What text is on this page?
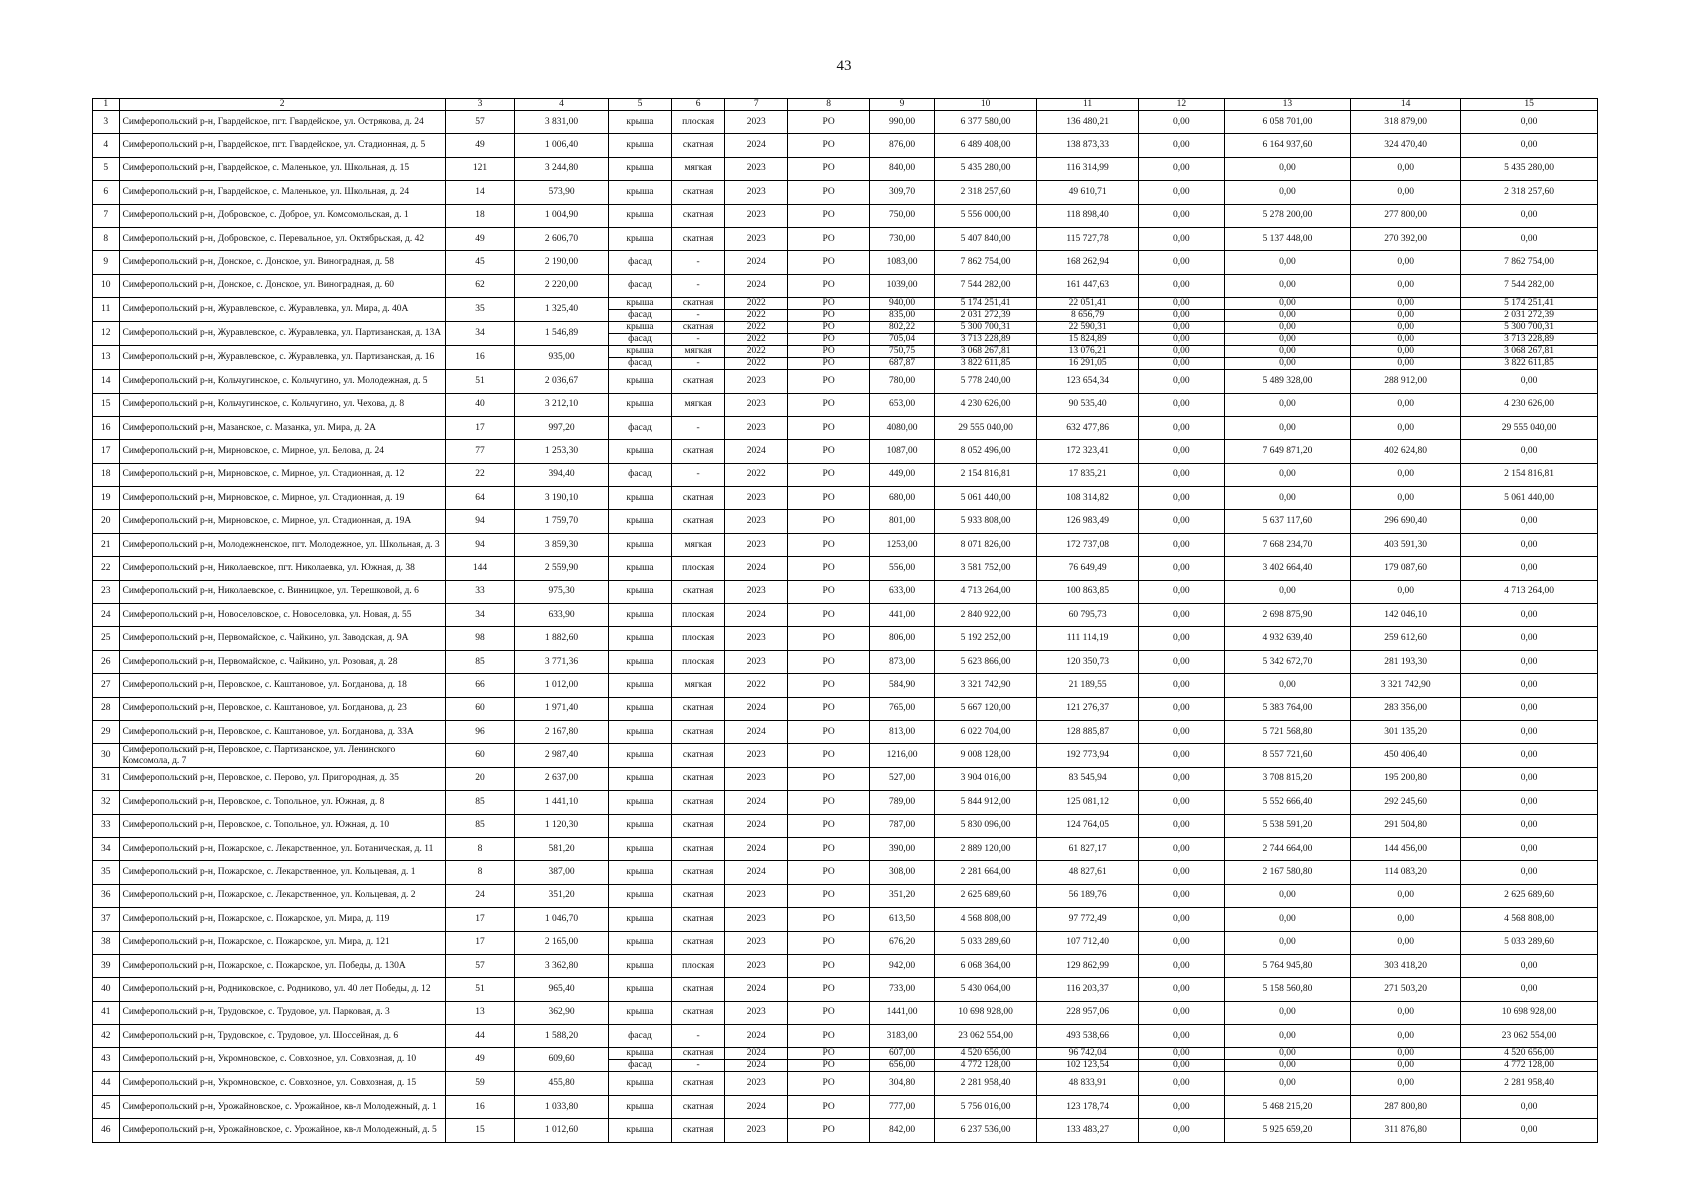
43
1	2	3	4	5	6	7	8	9	10	11	12	13	14	15
3	Симферопольский р-н, Гвардейское, пгт. Гвардейское, ул. Острякова, д. 24	57	3 831,00	крыша	плоская	2023	РО	990,00	6 377 580,00	136 480,21	0,00	6 058 701,00	318 879,00	0,00
4	Симферопольский р-н, Гвардейское, пгт. Гвардейское, ул. Стадионная, д. 5	49	1 006,40	крыша	скатная	2024	РО	876,00	6 489 408,00	138 873,33	0,00	6 164 937,60	324 470,40	0,00
5	Симферопольский р-н, Гвардейское, с. Маленькое, ул. Школьная, д. 15	121	3 244,80	крыша	мягкая	2023	РО	840,00	5 435 280,00	116 314,99	0,00	0,00	0,00	5 435 280,00
6	Симферопольский р-н, Гвардейское, с. Маленькое, ул. Школьная, д. 24	14	573,90	крыша	скатная	2023	РО	309,70	2 318 257,60	49 610,71	0,00	0,00	0,00	2 318 257,60
7	Симферопольский р-н, Добровское, с. Доброе, ул. Комсомольская, д. 1	18	1 004,90	крыша	скатная	2023	РО	750,00	5 556 000,00	118 898,40	0,00	5 278 200,00	277 800,00	0,00
8	Симферопольский р-н, Добровское, с. Перевальное, ул. Октябрьская, д. 42	49	2 606,70	крыша	скатная	2023	РО	730,00	5 407 840,00	115 727,78	0,00	5 137 448,00	270 392,00	0,00
9	Симферопольский р-н, Донское, с. Донское, ул. Виноградная, д. 58	45	2 190,00	фасад	-	2024	РО	1083,00	7 862 754,00	168 262,94	0,00	0,00	0,00	7 862 754,00
10	Симферопольский р-н, Донское, с. Донское, ул. Виноградная, д. 60	62	2 220,00	фасад	-	2024	РО	1039,00	7 544 282,00	161 447,63	0,00	0,00	0,00	7 544 282,00
11	Симферопольский р-н, Журавлевское, с. Журавлевка, ул. Мира, д. 40А	35	1 325,40	крыша	скатная	2022	РО	940,00	5 174 251,41	22 051,41	0,00	0,00	0,00	5 174 251,41
				фасад	-	2022	РО	835,00	2 031 272,39	8 656,79	0,00	0,00	0,00	2 031 272,39
12	Симферопольский р-н, Журавлевское, с. Журавлевка, ул. Партизанская, д. 13А	34	1 546,89	крыша	скатная	2022	РО	802,22	5 300 700,31	22 590,31	0,00	0,00	0,00	5 300 700,31
				фасад	-	2022	РО	705,04	3 713 228,89	15 824,89	0,00	0,00	0,00	3 713 228,89
13	Симферопольский р-н, Журавлевское, с. Журавлевка, ул. Партизанская, д. 16	16	935,00	крыша	мягкая	2022	РО	750,75	3 068 267,81	13 076,21	0,00	0,00	0,00	3 068 267,81
				фасад	-	2022	РО	687,87	3 822 611,85	16 291,05	0,00	0,00	0,00	3 822 611,85
14	Симферопольский р-н, Кольчугинское, с. Кольчугино, ул. Молодежная, д. 5	51	2 036,67	крыша	скатная	2023	РО	780,00	5 778 240,00	123 654,34	0,00	5 489 328,00	288 912,00	0,00
15	Симферопольский р-н, Кольчугинское, с. Кольчугино, ул. Чехова, д. 8	40	3 212,10	крыша	мягкая	2023	РО	653,00	4 230 626,00	90 535,40	0,00	0,00	0,00	4 230 626,00
16	Симферопольский р-н, Мазанское, с. Мазанка, ул. Мира, д. 2А	17	997,20	фасад	-	2023	РО	4080,00	29 555 040,00	632 477,86	0,00	0,00	0,00	29 555 040,00
17	Симферопольский р-н, Мирновское, с. Мирное, ул. Белова, д. 24	77	1 253,30	крыша	скатная	2024	РО	1087,00	8 052 496,00	172 323,41	0,00	7 649 871,20	402 624,80	0,00
18	Симферопольский р-н, Мирновское, с. Мирное, ул. Стадионная, д. 12	22	394,40	фасад	-	2022	РО	449,00	2 154 816,81	17 835,21	0,00	0,00	0,00	2 154 816,81
19	Симферопольский р-н, Мирновское, с. Мирное, ул. Стадионная, д. 19	64	3 190,10	крыша	скатная	2023	РО	680,00	5 061 440,00	108 314,82	0,00	0,00	0,00	5 061 440,00
20	Симферопольский р-н, Мирновское, с. Мирное, ул. Стадионная, д. 19А	94	1 759,70	крыша	скатная	2023	РО	801,00	5 933 808,00	126 983,49	0,00	5 637 117,60	296 690,40	0,00
21	Симферопольский р-н, Молодежненское, пгт. Молодежное, ул. Школьная, д. 3	94	3 859,30	крыша	мягкая	2023	РО	1253,00	8 071 826,00	172 737,08	0,00	7 668 234,70	403 591,30	0,00
22	Симферопольский р-н, Николаевское, пгт. Николаевка, ул. Южная, д. 38	144	2 559,90	крыша	плоская	2024	РО	556,00	3 581 752,00	76 649,49	0,00	3 402 664,40	179 087,60	0,00
23	Симферопольский р-н, Николаевское, с. Винницкое, ул. Терешковой, д. 6	33	975,30	крыша	скатная	2023	РО	633,00	4 713 264,00	100 863,85	0,00	0,00	0,00	4 713 264,00
24	Симферопольский р-н, Новоселовское, с. Новоселовка, ул. Новая, д. 55	34	633,90	крыша	плоская	2024	РО	441,00	2 840 922,00	60 795,73	0,00	2 698 875,90	142 046,10	0,00
25	Симферопольский р-н, Первомайское, с. Чайкино, ул. Заводская, д. 9А	98	1 882,60	крыша	плоская	2023	РО	806,00	5 192 252,00	111 114,19	0,00	4 932 639,40	259 612,60	0,00
26	Симферопольский р-н, Первомайское, с. Чайкино, ул. Розовая, д. 28	85	3 771,36	крыша	плоская	2023	РО	873,00	5 623 866,00	120 350,73	0,00	5 342 672,70	281 193,30	0,00
27	Симферопольский р-н, Перовское, с. Каштановое, ул. Богданова, д. 18	66	1 012,00	крыша	мягкая	2022	РО	584,90	3 321 742,90	21 189,55	0,00	0,00	3 321 742,90	0,00
28	Симферопольский р-н, Перовское, с. Каштановое, ул. Богданова, д. 23	60	1 971,40	крыша	скатная	2024	РО	765,00	5 667 120,00	121 276,37	0,00	5 383 764,00	283 356,00	0,00
29	Симферопольский р-н, Перовское, с. Каштановое, ул. Богданова, д. 33А	96	2 167,80	крыша	скатная	2024	РО	813,00	6 022 704,00	128 885,87	0,00	5 721 568,80	301 135,20	0,00
30	Симферопольский р-н, Перовское, с. Партизанское, ул. Ленинского Комсомола, д. 7	60	2 987,40	крыша	скатная	2023	РО	1216,00	9 008 128,00	192 773,94	0,00	8 557 721,60	450 406,40	0,00
31	Симферопольский р-н, Перовское, с. Перово, ул. Пригородная, д. 35	20	2 637,00	крыша	скатная	2023	РО	527,00	3 904 016,00	83 545,94	0,00	3 708 815,20	195 200,80	0,00
32	Симферопольский р-н, Перовское, с. Топольное, ул. Южная, д. 8	85	1 441,10	крыша	скатная	2024	РО	789,00	5 844 912,00	125 081,12	0,00	5 552 666,40	292 245,60	0,00
33	Симферопольский р-н, Перовское, с. Топольное, ул. Южная, д. 10	85	1 120,30	крыша	скатная	2024	РО	787,00	5 830 096,00	124 764,05	0,00	5 538 591,20	291 504,80	0,00
34	Симферопольский р-н, Пожарское, с. Лекарственное, ул. Ботаническая, д. 11	8	581,20	крыша	скатная	2024	РО	390,00	2 889 120,00	61 827,17	0,00	2 744 664,00	144 456,00	0,00
35	Симферопольский р-н, Пожарское, с. Лекарственное, ул. Кольцевая, д. 1	8	387,00	крыша	скатная	2024	РО	308,00	2 281 664,00	48 827,61	0,00	2 167 580,80	114 083,20	0,00
36	Симферопольский р-н, Пожарское, с. Лекарственное, ул. Кольцевая, д. 2	24	351,20	крыша	скатная	2023	РО	351,20	2 625 689,60	56 189,76	0,00	0,00	0,00	2 625 689,60
37	Симферопольский р-н, Пожарское, с. Пожарское, ул. Мира, д. 119	17	1 046,70	крыша	скатная	2023	РО	613,50	4 568 808,00	97 772,49	0,00	0,00	0,00	4 568 808,00
38	Симферопольский р-н, Пожарское, с. Пожарское, ул. Мира, д. 121	17	2 165,00	крыша	скатная	2023	РО	676,20	5 033 289,60	107 712,40	0,00	0,00	0,00	5 033 289,60
39	Симферопольский р-н, Пожарское, с. Пожарское, ул. Победы, д. 130А	57	3 362,80	крыша	плоская	2023	РО	942,00	6 068 364,00	129 862,99	0,00	5 764 945,80	303 418,20	0,00
40	Симферопольский р-н, Родниковское, с. Родниково, ул. 40 лет Победы, д. 12	51	965,40	крыша	скатная	2024	РО	733,00	5 430 064,00	116 203,37	0,00	5 158 560,80	271 503,20	0,00
41	Симферопольский р-н, Трудовское, с. Трудовое, ул. Парковая, д. 3	13	362,90	крыша	скатная	2023	РО	1441,00	10 698 928,00	228 957,06	0,00	0,00	0,00	10 698 928,00
42	Симферопольский р-н, Трудовское, с. Трудовое, ул. Шоссейная, д. 6	44	1 588,20	фасад	-	2024	РО	3183,00	23 062 554,00	493 538,66	0,00	0,00	0,00	23 062 554,00
43	Симферопольский р-н, Укромновское, с. Совхозное, ул. Совхозная, д. 10	49	609,60	крыша	скатная	2024	РО	607,00	4 520 656,00	96 742,04	0,00	0,00	0,00	4 520 656,00
				фасад	-	2024	РО	656,00	4 772 128,00	102 123,54	0,00	0,00	0,00	4 772 128,00
44	Симферопольский р-н, Укромновское, с. Совхозное, ул. Совхозная, д. 15	59	455,80	крыша	скатная	2023	РО	304,80	2 281 958,40	48 833,91	0,00	0,00	0,00	2 281 958,40
45	Симферопольский р-н, Урожайновское, с. Урожайное, кв-л Молодежный, д. 1	16	1 033,80	крыша	скатная	2024	РО	777,00	5 756 016,00	123 178,74	0,00	5 468 215,20	287 800,80	0,00
46	Симферопольский р-н, Урожайновское, с. Урожайное, кв-л Молодежный, д. 5	15	1 012,60	крыша	скатная	2023	РО	842,00	6 237 536,00	133 483,27	0,00	5 925 659,20	311 876,80	0,00
